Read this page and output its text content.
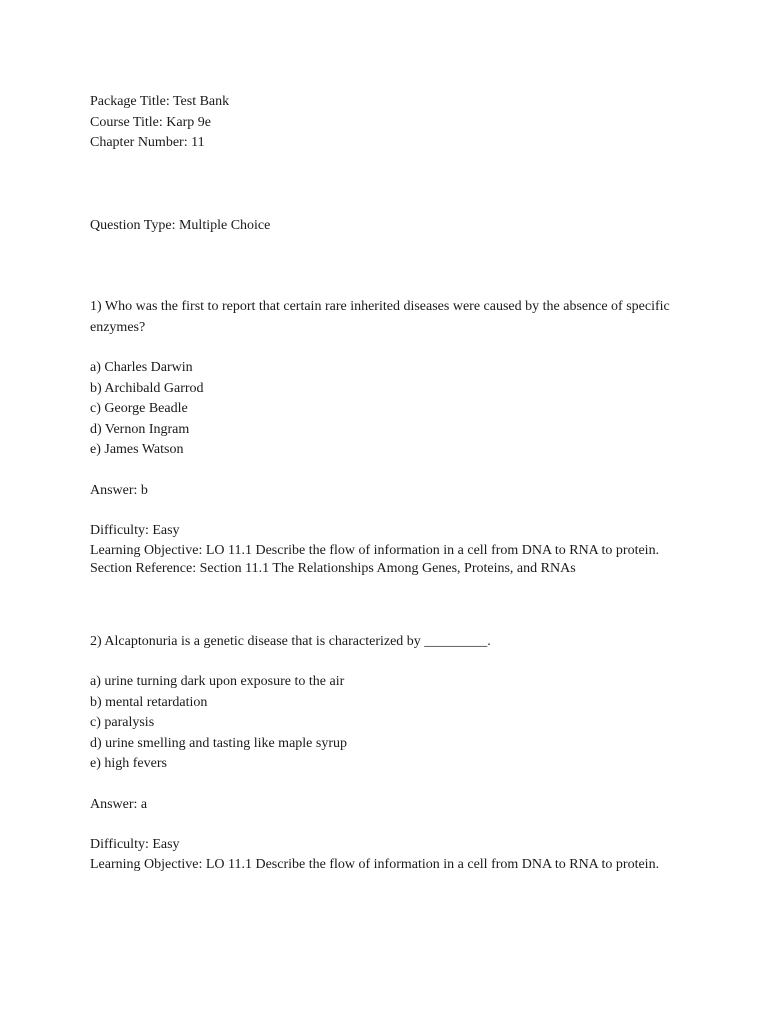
Package Title: Test Bank
Course Title: Karp 9e
Chapter Number: 11
Question Type: Multiple Choice
1) Who was the first to report that certain rare inherited diseases were caused by the absence of specific enzymes?
a) Charles Darwin
b) Archibald Garrod
c) George Beadle
d) Vernon Ingram
e) James Watson
Answer: b
Difficulty: Easy
Learning Objective: LO 11.1 Describe the flow of information in a cell from DNA to RNA to protein.
Section Reference: Section 11.1 The Relationships Among Genes, Proteins, and RNAs
2) Alcaptonuria is a genetic disease that is characterized by _________.
a) urine turning dark upon exposure to the air
b) mental retardation
c) paralysis
d) urine smelling and tasting like maple syrup
e) high fevers
Answer: a
Difficulty: Easy
Learning Objective: LO 11.1 Describe the flow of information in a cell from DNA to RNA to protein.
